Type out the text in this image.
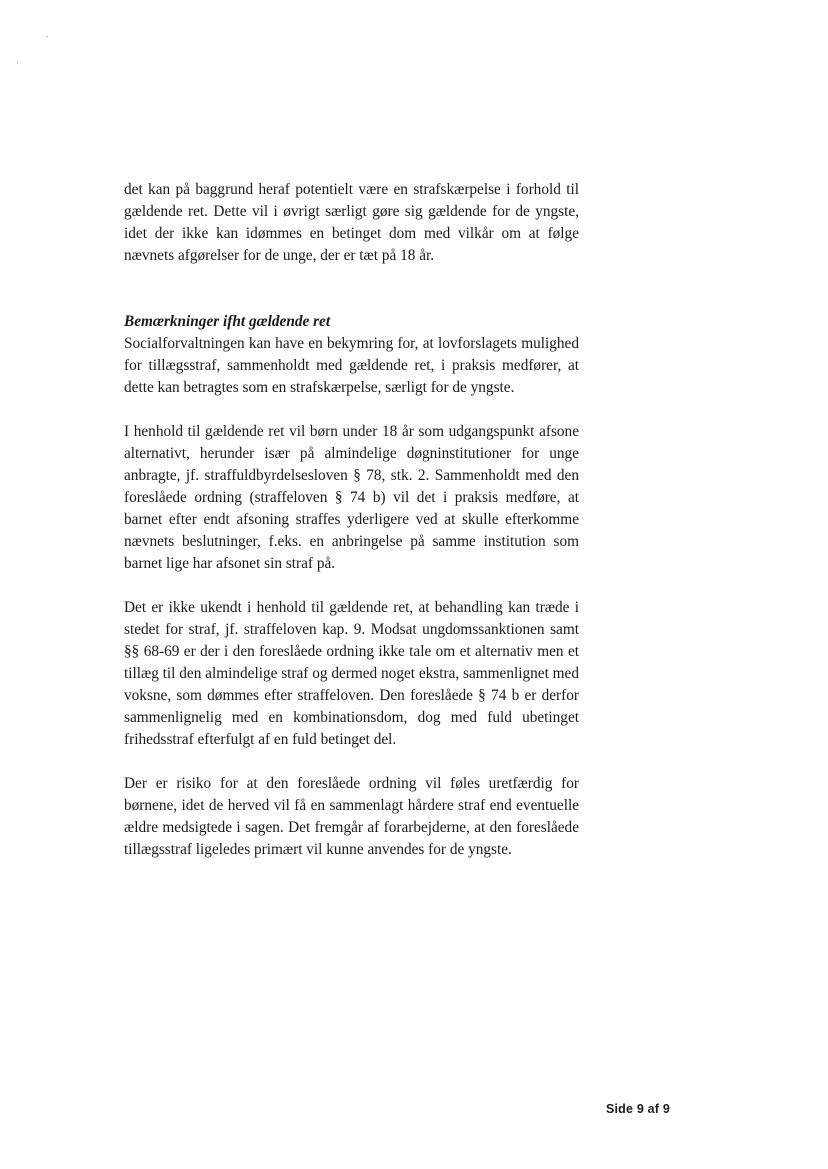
det kan på baggrund heraf potentielt være en strafskærpelse i forhold til gældende ret. Dette vil i øvrigt særligt gøre sig gældende for de yngste, idet der ikke kan idømmes en betinget dom med vilkår om at følge nævnets afgørelser for de unge, der er tæt på 18 år.

Bemærkninger ifht gældende ret

Socialforvaltningen kan have en bekymring for, at lovforslagets mulighed for tillægsstraf, sammenholdt med gældende ret, i praksis medfører, at dette kan betragtes som en strafskærpelse, særligt for de yngste.

I henhold til gældende ret vil børn under 18 år som udgangspunkt afsone alternativt, herunder især på almindelige døgninstitutioner for unge anbragte, jf. straffuldbyrdelsesloven § 78, stk. 2. Sammenholdt med den foreslåede ordning (straffeloven § 74 b) vil det i praksis medføre, at barnet efter endt afsoning straffes yderligere ved at skulle efterkomme nævnets beslutninger, f.eks. en anbringelse på samme institution som barnet lige har afsonet sin straf på.

Det er ikke ukendt i henhold til gældende ret, at behandling kan træde i stedet for straf, jf. straffeloven kap. 9. Modsat ungdomssanktionen samt §§ 68-69 er der i den foreslåede ordning ikke tale om et alternativ men et tillæg til den almindelige straf og dermed noget ekstra, sammenlignet med voksne, som dømmes efter straffeloven. Den foreslåede § 74 b er derfor sammenlignelig med en kombinationsdom, dog med fuld ubetinget frihedsstraf efterfulgt af en fuld betinget del.

Der er risiko for at den foreslåede ordning vil føles uretfærdig for børnene, idet de herved vil få en sammenlagt hårdere straf end eventuelle ældre medsigtede i sagen. Det fremgår af forarbejderne, at den foreslåede tillægsstraf ligeledes primært vil kunne anvendes for de yngste.

Side 9 af 9
